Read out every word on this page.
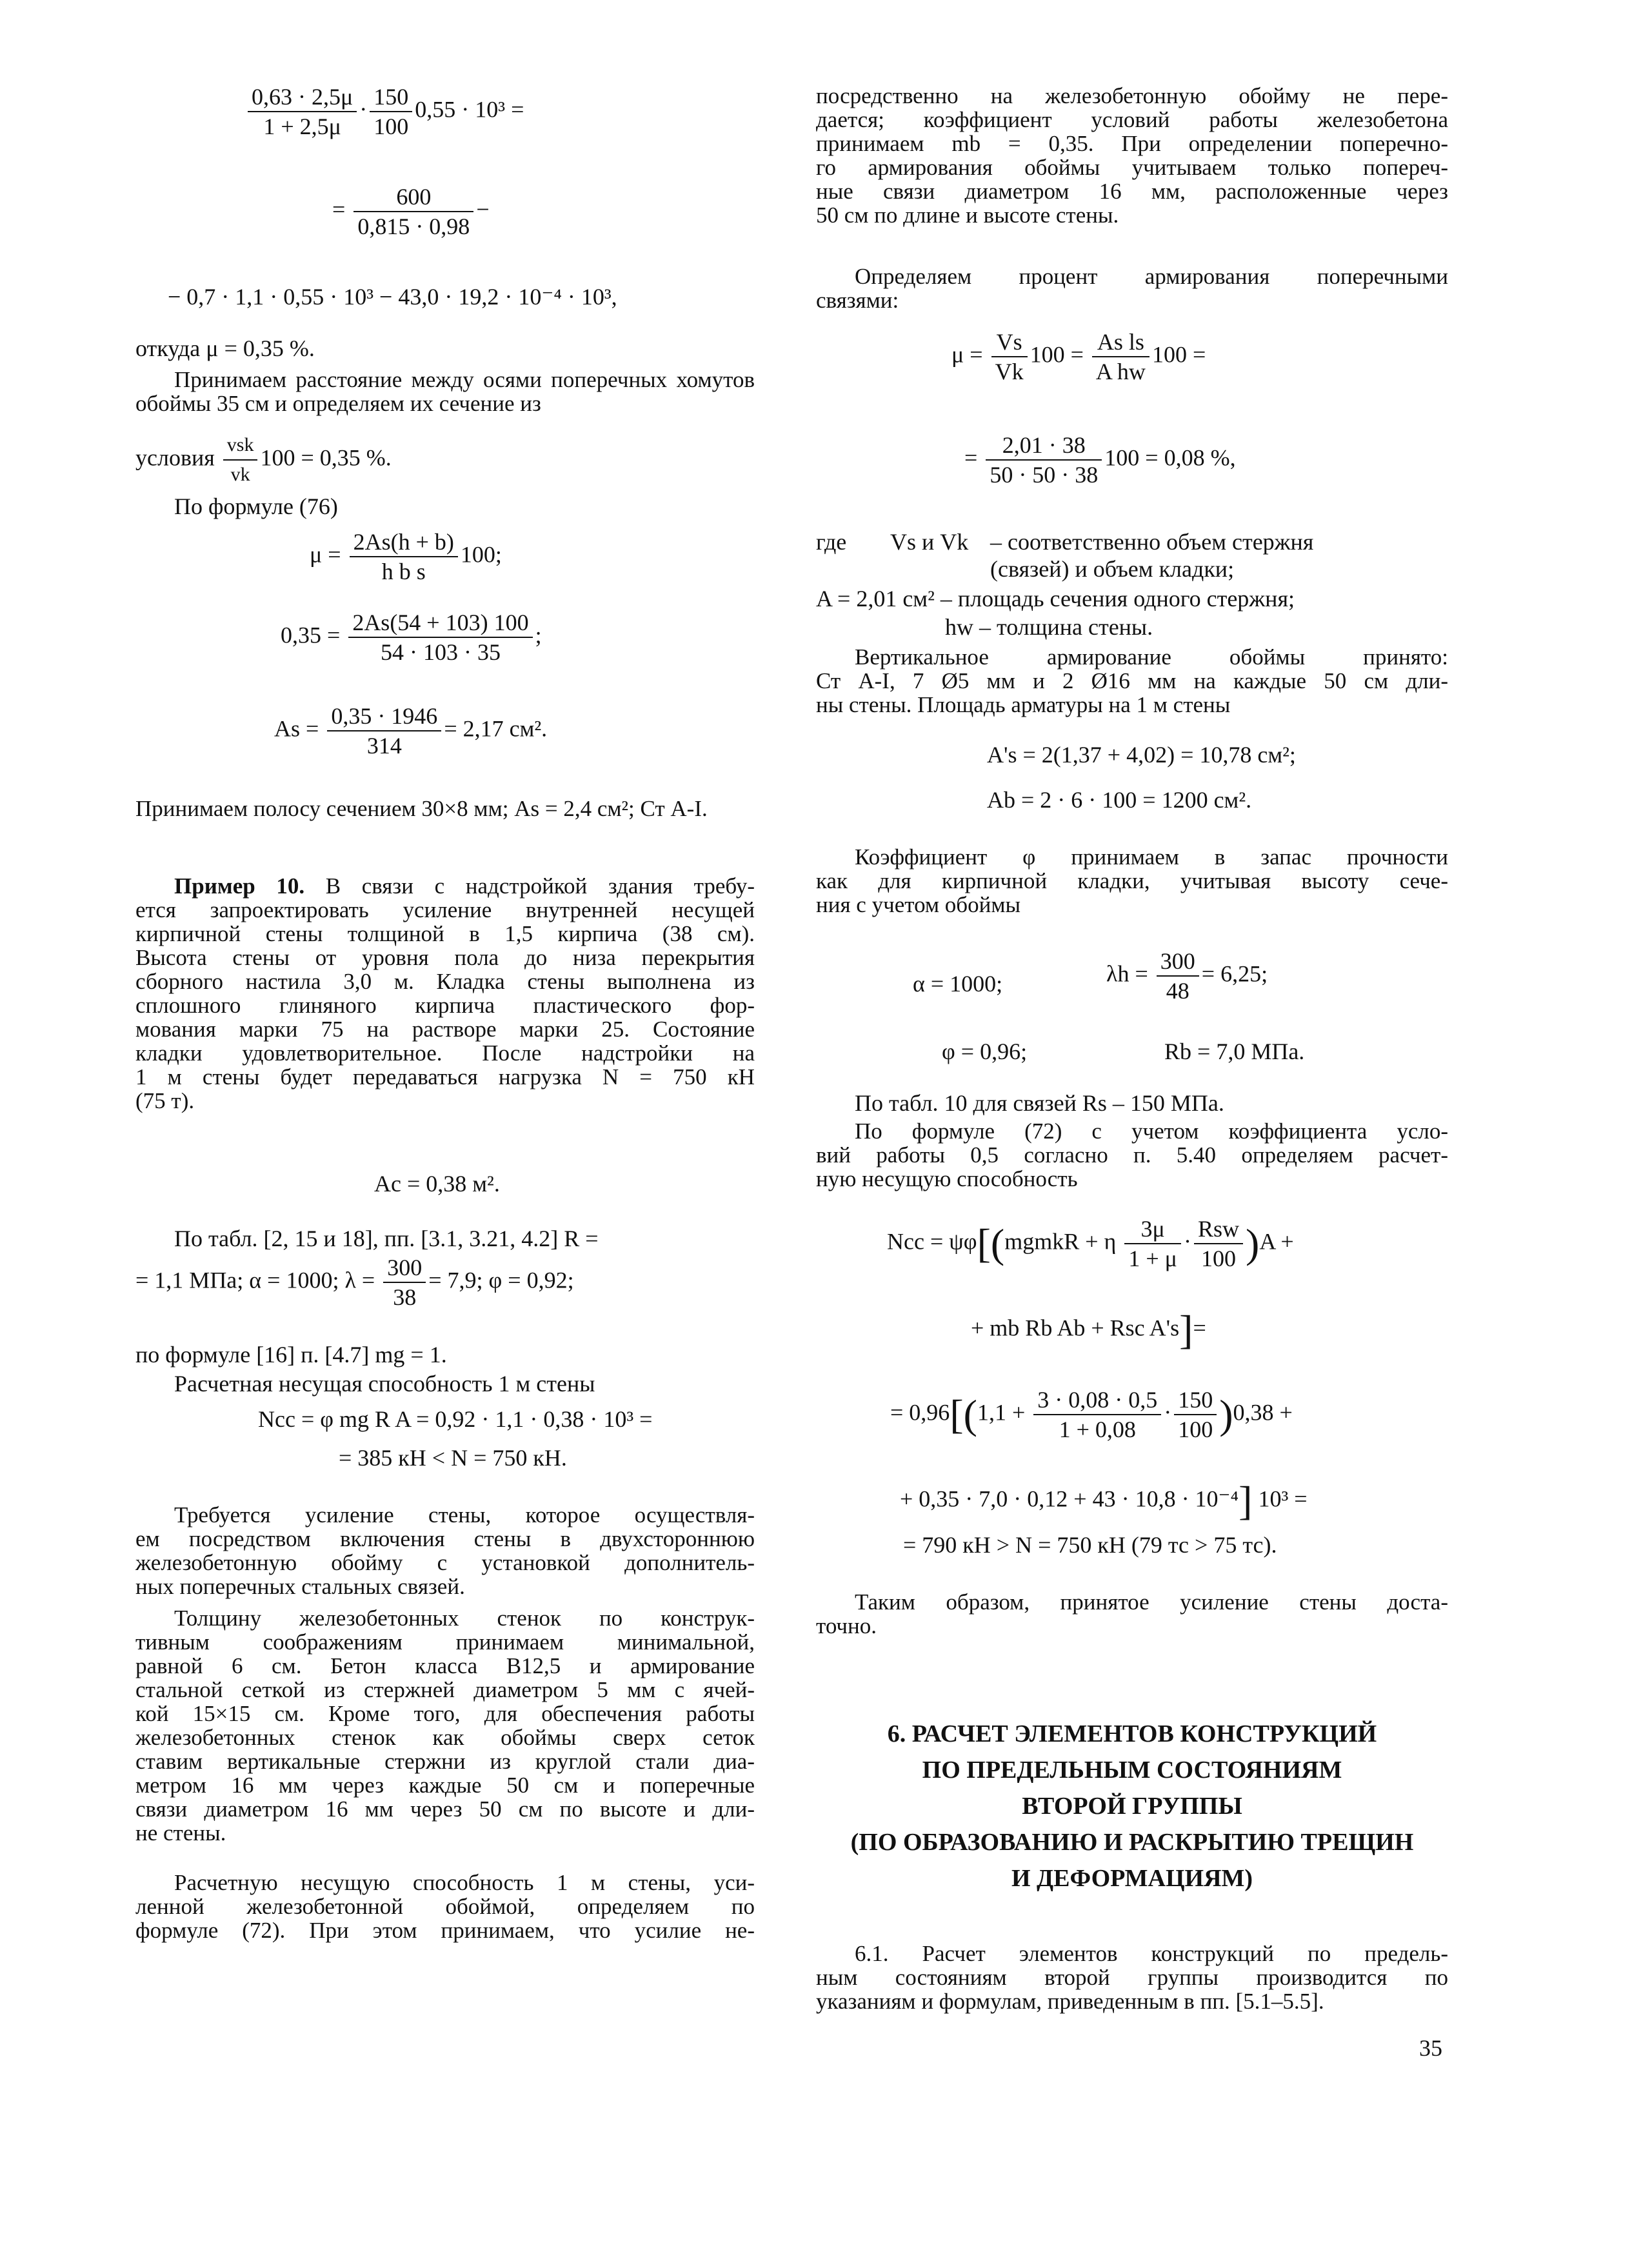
$\frac{0,63 \cdot 2,5\mu}{1 + 2,5\mu} \cdot \frac{150}{100} 0,55 \cdot 10^3$ =
= $\frac{600}{0,815 \cdot 0,98}$ −
− 0,7 · 1,1 · 0,55 · 10³ − 43,0 · 19,2 · 10⁻⁴ · 10³,
откуда μ = 0,35 %.
Принимаем расстояние между осями поперечных хомутов обоймы 35 см и определяем их сечение из
условия $\frac{\text{vsk}}{vk} 100 = 0,35$ %.
По формуле (76)
$\mu = \frac{2As(h + b)}{\text{h b s}} 100$;
$0,35 = \frac{2As(54 + 103) 100}{54 \cdot 103 \cdot 35}$ ;
$As = \frac{0,35 \cdot 1946}{314} = 2,17$ см².
Принимаем полосу сечением 30×8 мм; As = 2,4 см²; Ст A-I.
Пример 10. В связи с надстройкой здания требу-
ется запроектировать усиление внутренней несущей
кирпичной стены толщиной в 1,5 кирпича (38 см).
Высота стены от уровня пола до низа перекрытия
сборного настила 3,0 м. Кладка стены выполнена из
сплошного глиняного кирпича пластического фор-
мования марки 75 на растворе марки 25. Состояние
кладки удовлетворительное. После надстройки на
1 м стены будет передаваться нагрузка N = 750 кН
(75 т).
Ac = 0,38 м².
По табл. [2, 15 и 18], пп. [3.1, 3.21, 4.2] R =
= 1,1 МПа; α = 1000; $\lambda = \frac{300}{38} = 7,9$; φ = 0,92;
по формуле [16] п. [4.7] mg = 1.
Расчетная несущая способность 1 м стены
Ncc = φ mg R A = 0,92 · 1,1 · 0,38 · 10³ =
= 385 кН < N = 750 кН.
Требуется усиление стены, которое осуществля-
ем посредством включения стены в двухстороннюю
железобетонную обойму с установкой дополнитель-
ных поперечных стальных связей.
Толщину железобетонных стенок по конструк-
тивным соображениям принимаем минимальной,
равной 6 см. Бетон класса B12,5 и армирование
стальной сеткой из стержней диаметром 5 мм с ячей-
кой 15×15 см. Кроме того, для обеспечения работы
железобетонных стенок как обоймы сверх сеток
ставим вертикальные стержни из круглой стали диа-
метром 16 мм через каждые 50 см и поперечные
связи диаметром 16 мм через 50 см по высоте и дли-
не стены.
Расчетную несущую способность 1 м стены, уси-
ленной железобетонной обоймой, определяем по
формуле (72). При этом принимаем, что усилие не-
посредственно на железобетонную обойму не пере-
дается; коэффициент условий работы железобетона
принимаем mb = 0,35. При определении поперечно-
го армирования обоймы учитываем только попереч-
ные связи диаметром 16 мм, расположенные через
50 см по длине и высоте стены.
Определяем процент армирования поперечными
связями:
$\mu = \frac{Vs}{Vk} 100 = \frac{\text{As ls}}{\text{A hw}} 100$ =
= $\frac{2,01 \cdot 38}{50 \cdot 50 \cdot 38} 100 = 0,08$ %,
где Vs и Vk – соответственно объем стержня
(связей) и объем кладки;
A = 2,01 см² – площадь сечения одного стержня;
hw – толщина стены.
Вертикальное армирование обоймы принято:
Ст A-I, 7 Ø5 мм и 2 Ø16 мм на каждые 50 см дли-
ны стены. Площадь арматуры на 1 м стены
A's = 2(1,37 + 4,02) = 10,78 см²;
Ab = 2 · 6 · 100 = 1200 см².
Коэффициент φ принимаем в запас прочности
как для кирпичной кладки, учитывая высоту сече-
ния с учетом обоймы
α = 1000;	$\lambda h = \frac{300}{48} = 6,25$;
φ = 0,96;	Rb = 7,0 МПа.
По табл. 10 для связей Rs – 150 МПа.
По формуле (72) с учетом коэффициента усло-
вий работы 0,5 согласно п. 5.40 определяем расчет-
ную несущую способность
Ncc = ψφ[(mgmkR + η $\frac{3\mu}{1 + \mu} \cdot \frac{\text{Rsw}}{100} )A$ +
+ mb Rb Ab + Rsc A's]=
= $0,96[(1,1 + \frac{3 \cdot 0,08 \cdot 0,5}{1 + 0,08} \cdot \frac{150}{100} )0,38$ +
+ 0,35 · 7,0 · 0,12 + 43 · 10,8 · 10⁻⁴] 10³ =
= 790 кН > N = 750 кН (79 тс > 75 тс).
Таким образом, принятое усиление стены доста-
точно.
6. РАСЧЕТ ЭЛЕМЕНТОВ КОНСТРУКЦИЙ
ПО ПРЕДЕЛЬНЫМ СОСТОЯНИЯМ
ВТОРОЙ ГРУППЫ
(ПО ОБРАЗОВАНИЮ И РАСКРЫТИЮ ТРЕЩИН
И ДЕФОРМАЦИЯМ)
6.1. Расчет элементов конструкций по предель-
ным состояниям второй группы производится по
указаниям и формулам, приведенным в пп. [5.1–5.5].
35
